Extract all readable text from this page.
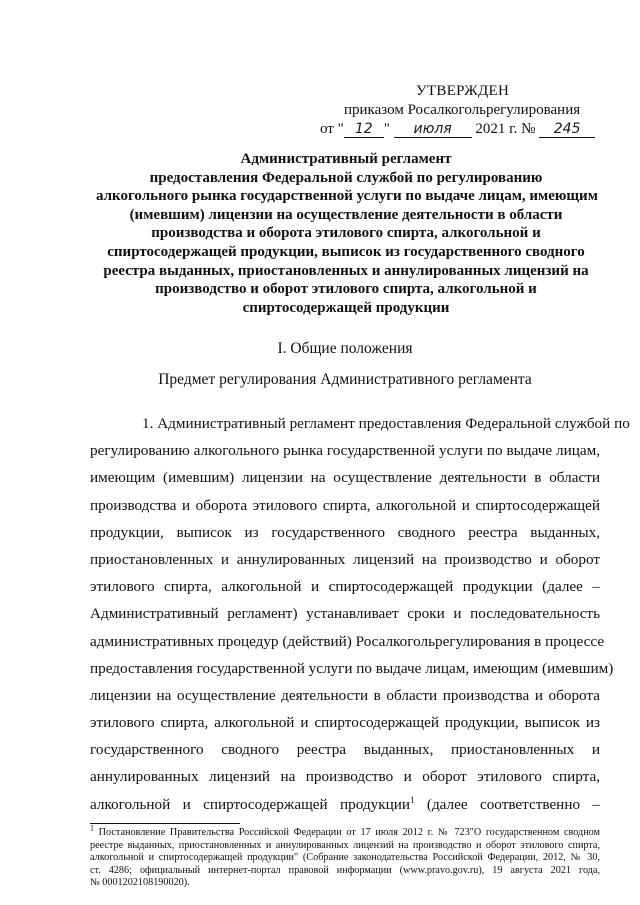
УТВЕРЖДЕН
приказом Росалкогольрегулирования
от " 12 " июля 2021 г. № 245
Административный регламент
предоставления Федеральной службой по регулированию
алкогольного рынка государственной услуги по выдаче лицам, имеющим
(имевшим) лицензии на осуществление деятельности в области
производства и оборота этилового спирта, алкогольной и
спиртосодержащей продукции, выписок из государственного сводного
реестра выданных, приостановленных и аннулированных лицензий на
производство и оборот этилового спирта, алкогольной и
спиртосодержащей продукции
I. Общие положения
Предмет регулирования Административного регламента
1. Административный регламент предоставления Федеральной службой по
регулированию алкогольного рынка государственной услуги по выдаче лицам,
имеющим (имевшим) лицензии на осуществление деятельности в области
производства и оборота этилового спирта, алкогольной и спиртосодержащей
продукции, выписок из государственного сводного реестра выданных,
приостановленных и аннулированных лицензий на производство и оборот
этилового спирта, алкогольной и спиртосодержащей продукции (далее –
Административный регламент) устанавливает сроки и последовательность
административных процедур (действий) Росалкогольрегулирования в процессе
предоставления государственной услуги по выдаче лицам, имеющим (имевшим)
лицензии на осуществление деятельности в области производства и оборота
этилового спирта, алкогольной и спиртосодержащей продукции, выписок из
государственного сводного реестра выданных, приостановленных и
аннулированных лицензий на производство и оборот этилового спирта,
алкогольной и спиртосодержащей продукции$^1$ (далее соответственно –
$^1$ Постановление Правительства Российской Федерации от 17 июля 2012 г. № 723"О государственном сводном
реестре выданных, приостановленных и аннулированных лицензий на производство и оборот этилового спирта,
алкогольной и спиртосодержащей продукции" (Собрание законодательства Российской Федерации, 2012, № 30,
ст. 4286; официальный интернет-портал правовой информации (www.pravo.gov.ru), 19 августа 2021 года,
№ 0001202108190020).
